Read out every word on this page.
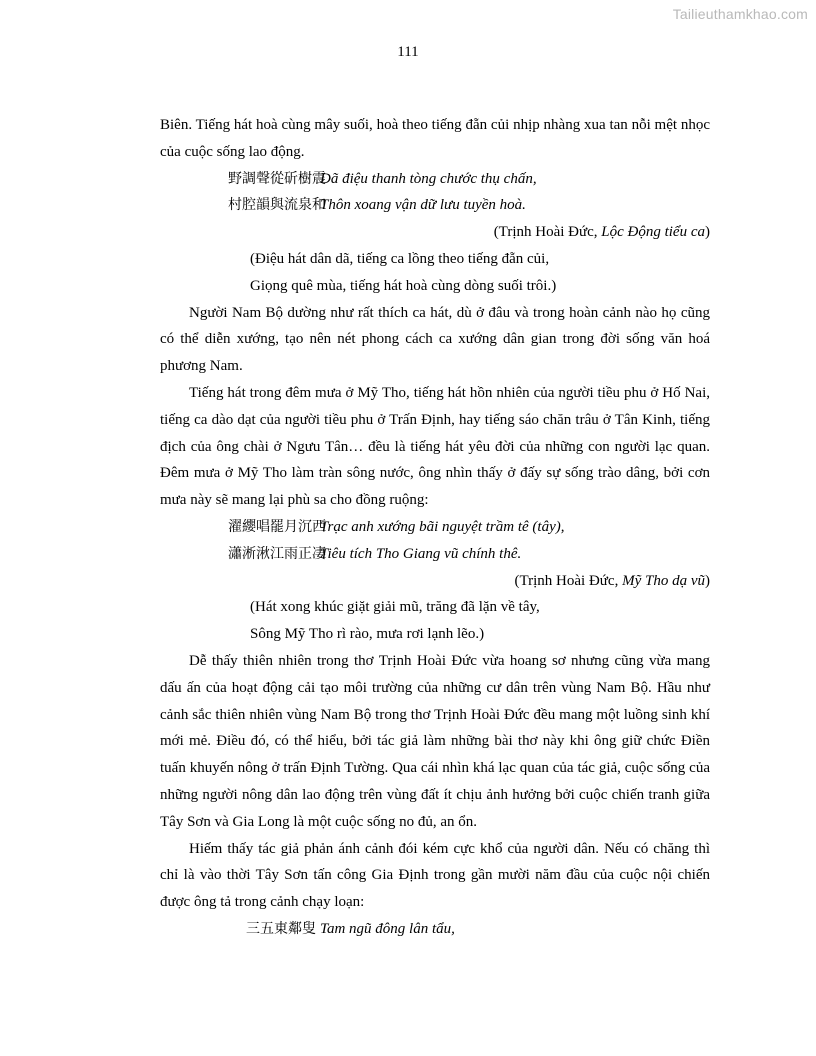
Tailieuthamkhao.com
111

Biên. Tiếng hát hoà cùng mây suối, hoà theo tiếng đẵn củi nhịp nhàng xua tan nỗi mệt nhọc của cuộc sống lao động.

野調聲從斫樹震
Dã điệu thanh tòng chước thụ chấn,
村腔韻與流泉和
Thôn xoang vận dữ lưu tuyền hoà.
(Trịnh Hoài Đức, Lộc Động tiểu ca)
(Điệu hát dân dã, tiếng ca lồng theo tiếng đẵn củi,
Giọng quê mùa, tiếng hát hoà cùng dòng suối trôi.)

Người Nam Bộ dường như rất thích ca hát, dù ở đâu và trong hoàn cảnh nào họ cũng có thể diễn xướng, tạo nên nét phong cách ca xướng dân gian trong đời sống văn hoá phương Nam.

Tiếng hát trong đêm mưa ở Mỹ Tho, tiếng hát hồn nhiên của người tiều phu ở Hố Nai, tiếng ca dào dạt của người tiều phu ở Trấn Định, hay tiếng sáo chăn trâu ở Tân Kinh, tiếng địch của ông chài ở Ngưu Tân… đều là tiếng hát yêu đời của những con người lạc quan. Đêm mưa ở Mỹ Tho làm tràn sông nước, ông nhìn thấy ở đấy sự sống trào dâng, bởi cơn mưa này sẽ mang lại phù sa cho đồng ruộng:

濯纓唱罷月沉西
Trạc anh xướng bãi nguyệt trầm tê (tây),
瀟淅湫江雨正凄
Tiêu tích Tho Giang vũ chính thê.
(Trịnh Hoài Đức, Mỹ Tho dạ vũ)
(Hát xong khúc giặt giải mũ, trăng đã lặn về tây,
Sông Mỹ Tho rì rào, mưa rơi lạnh lẽo.)

Dễ thấy thiên nhiên trong thơ Trịnh Hoài Đức vừa hoang sơ nhưng cũng vừa mang dấu ấn của hoạt động cải tạo môi trường của những cư dân trên vùng Nam Bộ. Hầu như cảnh sắc thiên nhiên vùng Nam Bộ trong thơ Trịnh Hoài Đức đều mang một luồng sinh khí mới mẻ. Điều đó, có thể hiểu, bởi tác giả làm những bài thơ này khi ông giữ chức Điền tuấn khuyến nông ở trấn Định Tường. Qua cái nhìn khá lạc quan của tác giả, cuộc sống của những người nông dân lao động trên vùng đất ít chịu ảnh hưởng bởi cuộc chiến tranh giữa Tây Sơn và Gia Long là một cuộc sống no đủ, an ổn.

Hiếm thấy tác giả phản ánh cảnh đói kém cực khổ của người dân. Nếu có chăng thì chỉ là vào thời Tây Sơn tấn công Gia Định trong gần mười năm đầu của cuộc nội chiến được ông tả trong cảnh chạy loạn:

三五東鄰叟 Tam ngũ đông lân tẩu,
